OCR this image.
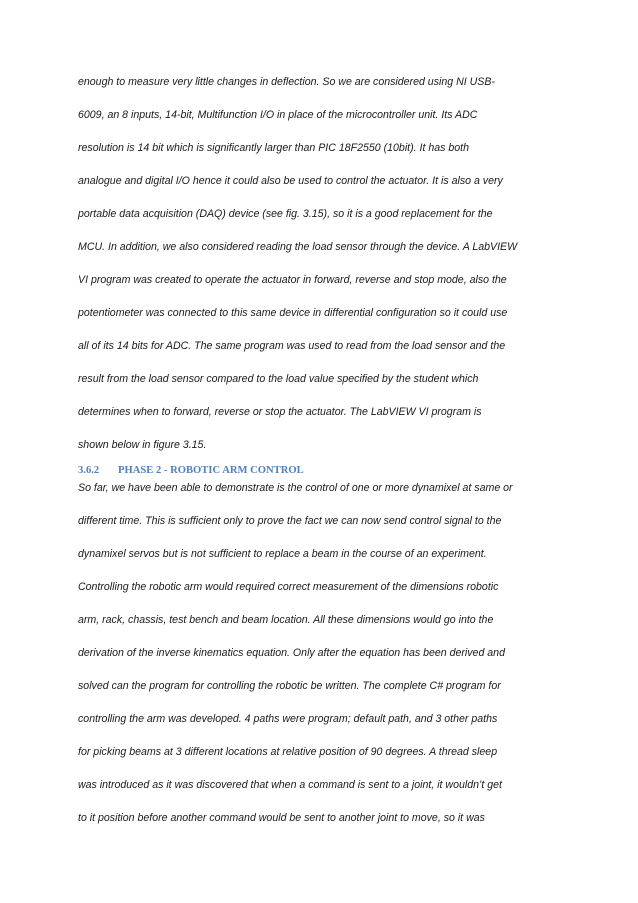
enough to measure very little changes in deflection. So we are considered using NI USB-
6009, an 8 inputs, 14-bit, Multifunction I/O in place of the microcontroller unit. Its ADC
resolution is 14 bit which is significantly larger than PIC 18F2550 (10bit). It has both
analogue and digital I/O hence it could also be used to control the actuator. It is also a very
portable data acquisition (DAQ) device (see fig. 3.15), so it is a good replacement for the
MCU. In addition, we also considered reading the load sensor through the device. A LabVIEW
VI program was created to operate the actuator in forward, reverse and stop mode, also the
potentiometer was connected to this same device in differential configuration so it could use
all of its 14 bits for ADC. The same program was used to read from the load sensor and the
result from the load sensor compared to the load value specified by the student which
determines when to forward, reverse or stop the actuator. The LabVIEW VI program is
shown below in figure 3.15.

3.6.2 PHASE 2 - ROBOTIC ARM CONTROL

So far, we have been able to demonstrate is the control of one or more dynamixel at same or
different time. This is sufficient only to prove the fact we can now send control signal to the
dynamixel servos but is not sufficient to replace a beam in the course of an experiment.
Controlling the robotic arm would required correct measurement of the dimensions robotic
arm, rack, chassis, test bench and beam location. All these dimensions would go into the
derivation of the inverse kinematics equation. Only after the equation has been derived and
solved can the program for controlling the robotic be written. The complete C# program for
controlling the arm was developed. 4 paths were program; default path, and 3 other paths
for picking beams at 3 different locations at relative position of 90 degrees. A thread sleep
was introduced as it was discovered that when a command is sent to a joint, it wouldn’t get
to it position before another command would be sent to another joint to move, so it was
